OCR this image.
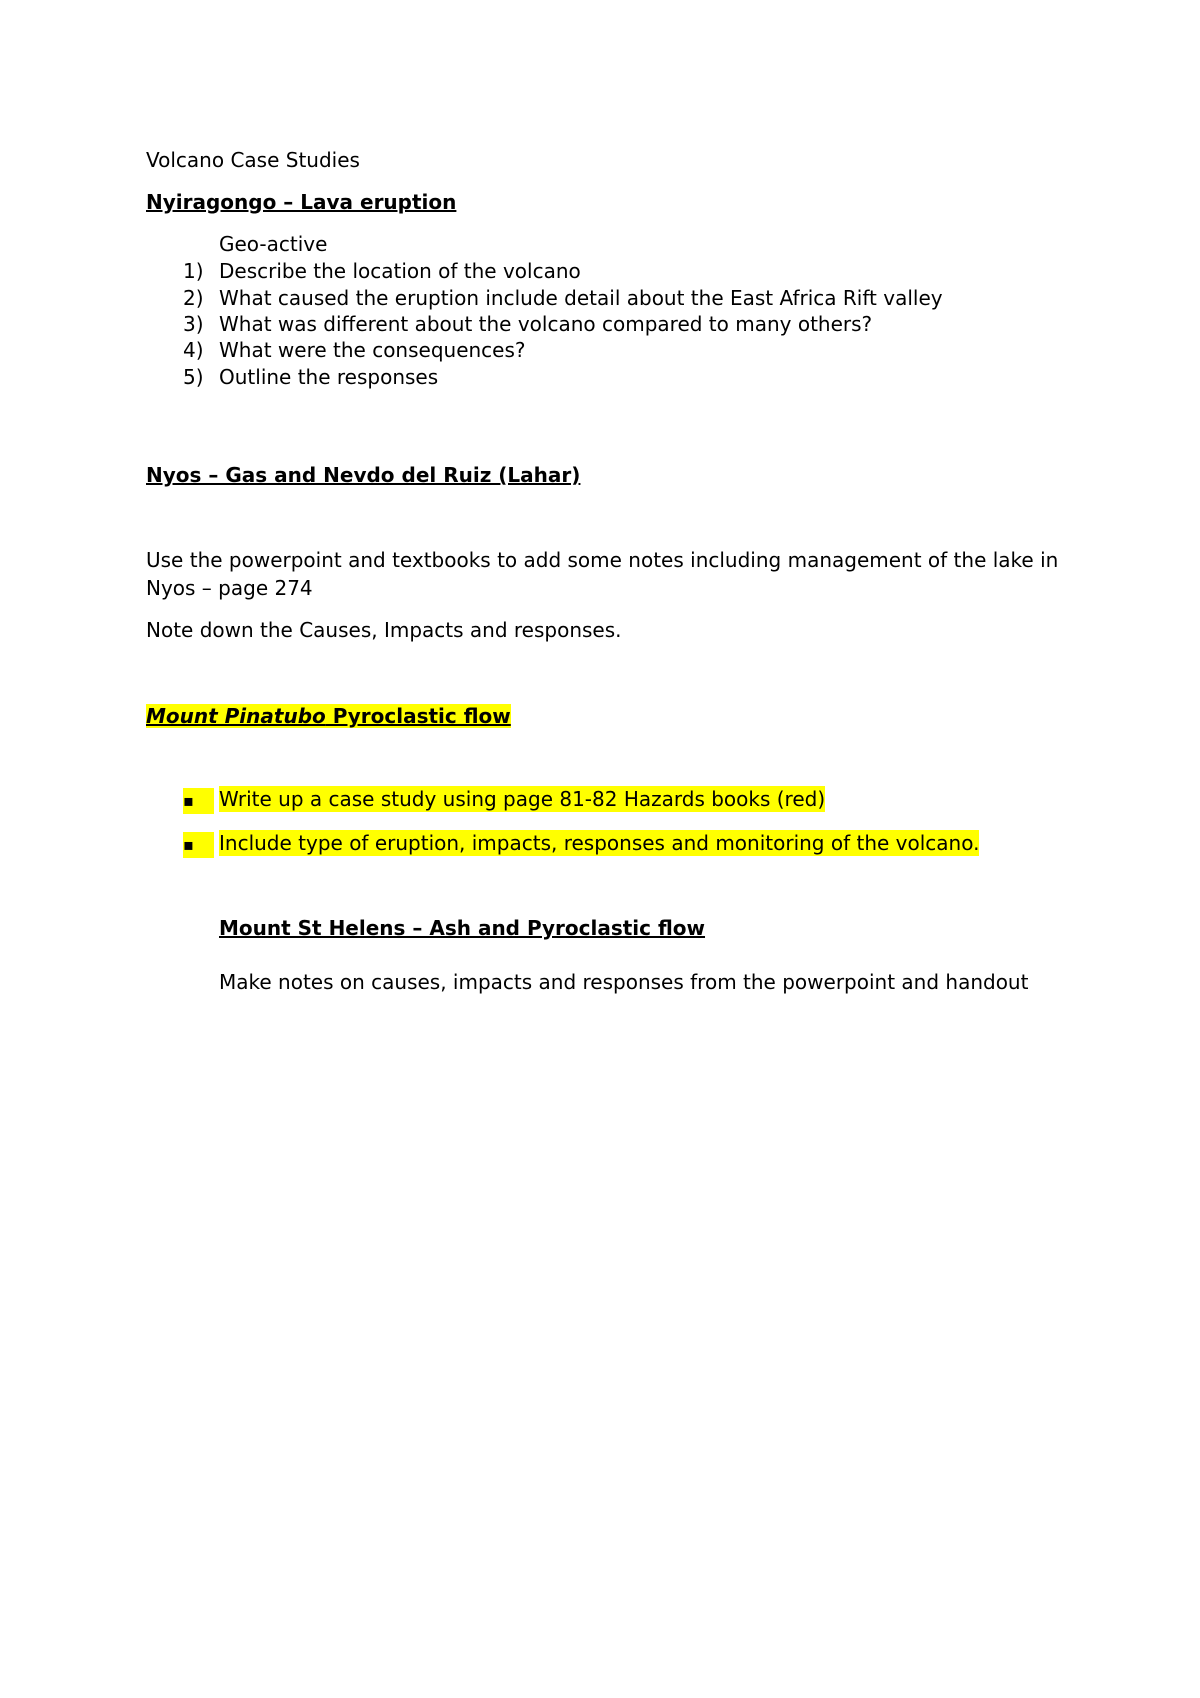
Volcano Case Studies
Nyiragongo – Lava eruption
Geo-active
1) Describe the location of the volcano
2) What caused the eruption include detail about the East Africa Rift valley
3) What was different about the volcano compared to many others?
4) What were the consequences?
5) Outline the responses
Nyos – Gas and Nevdo del Ruiz (Lahar)
Use the powerpoint and textbooks to add some notes including management of the lake in Nyos – page 274
Note down the Causes, Impacts and responses.
Mount Pinatubo Pyroclastic flow
▪ Write up a case study using page 81-82 Hazards books (red)
▪ Include type of eruption, impacts, responses and monitoring of the volcano.
Mount St Helens – Ash and Pyroclastic flow
Make notes on causes, impacts and responses from the powerpoint and handout
